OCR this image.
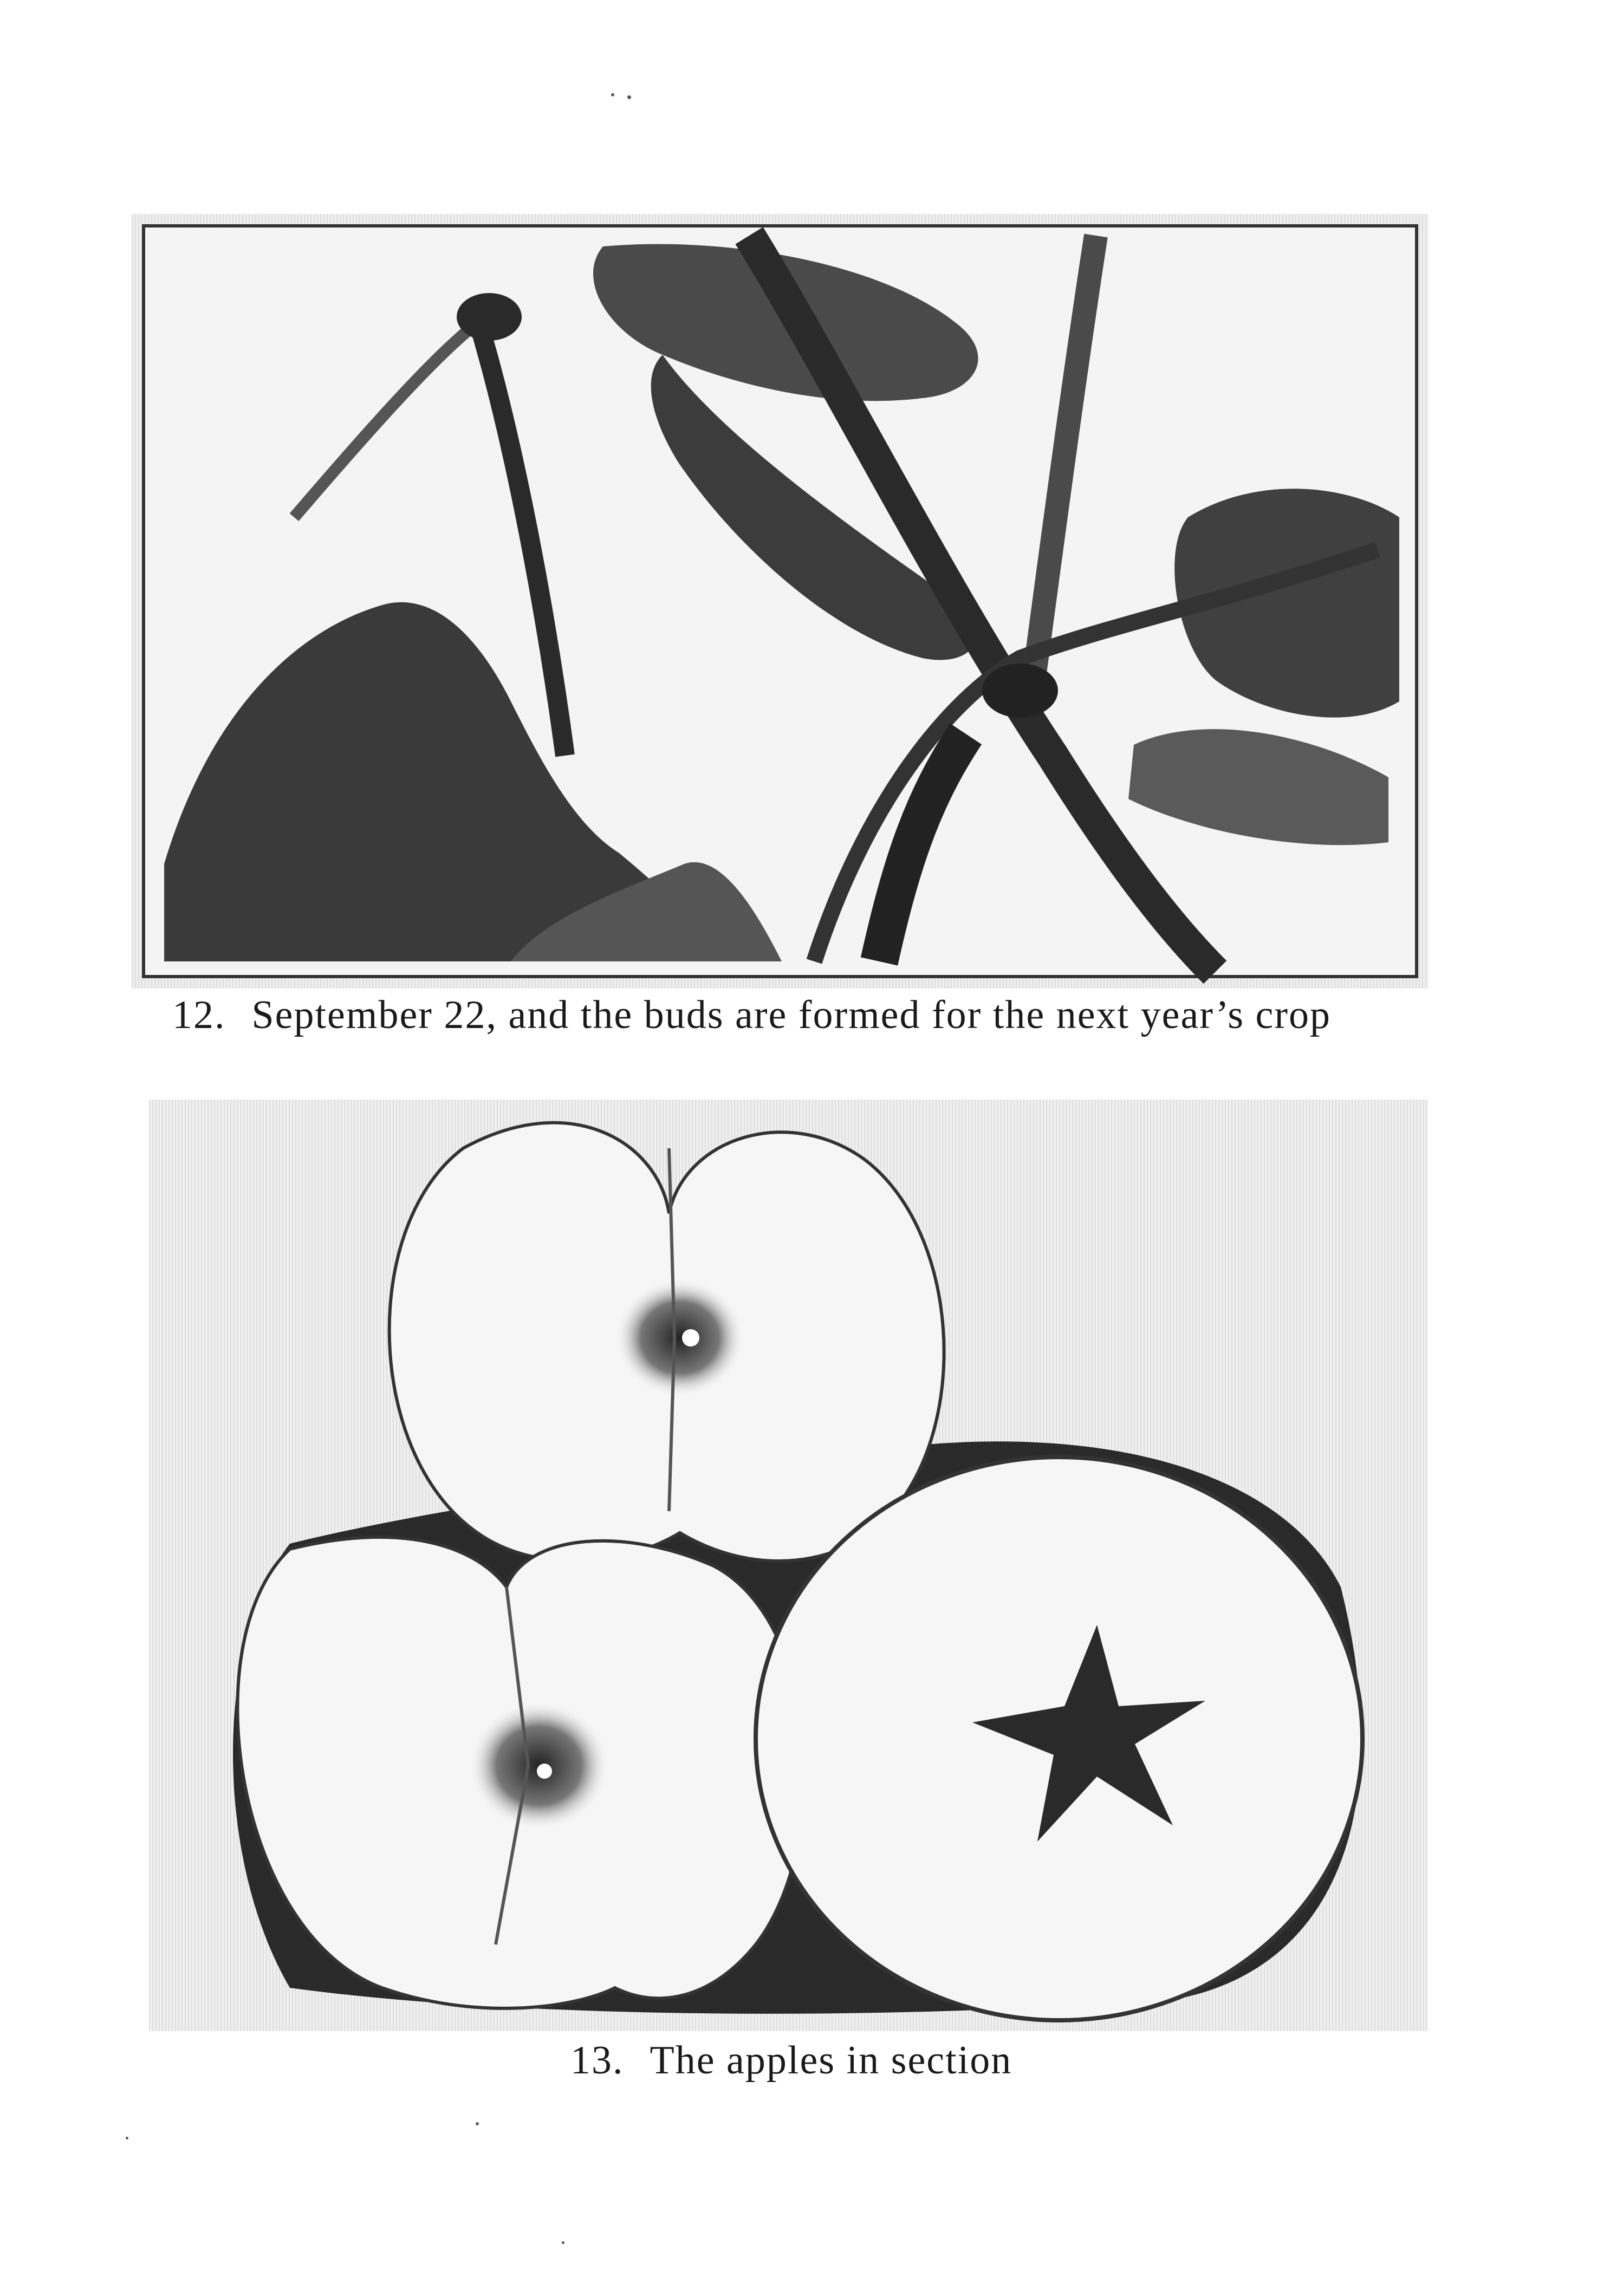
12. September 22, and the buds are formed for the next year’s crop
13. The apples in section
